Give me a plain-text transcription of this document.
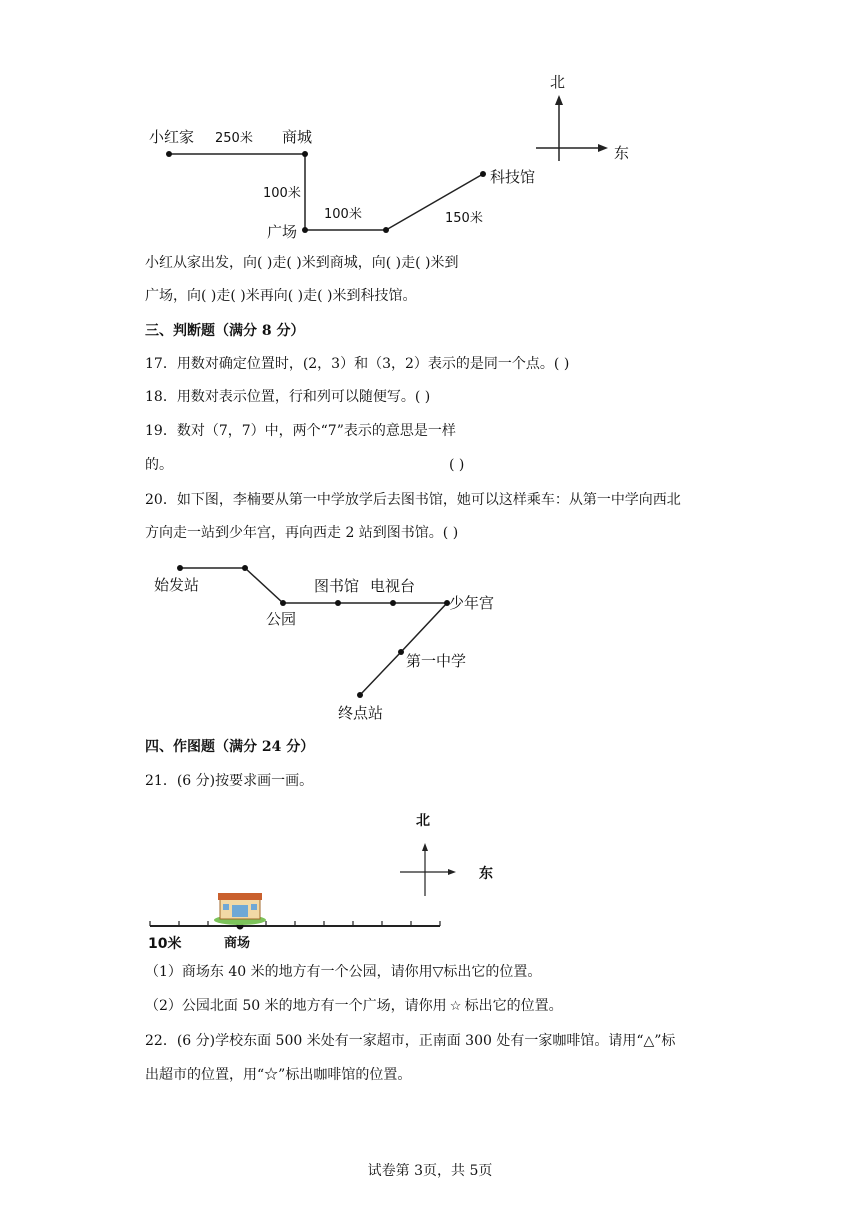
北
东
小红家	商城
广场
科技馆
250米
100米
100米	150米
小红从家出发，向( )走( )米到商城，向( )走( )米到
广场，向( )走( )米再向( )走( )米到科技馆。
三、判断题（满分 8 分）
17．用数对确定位置时，(2，3）和（3，2）表示的是同一个点。( )
18．用数对表示位置，行和列可以随便写。( )
19．数对（7，7）中，两个“7”表示的意思是一样
的。	( )
20．如下图，李楠要从第一中学放学后去图书馆，她可以这样乘车：从第一中学向西北
方向走一站到少年宫，再向西走 2 站到图书馆。( )
始发站
公园
图书馆 电视台
少年宫
第一中学
终点站
四、作图题（满分 24 分）
21．(6 分)按要求画一画。
北
东
10米	商场
（1）商场东 40 米的地方有一个公园，请你用▽标出它的位置。
（2）公园北面 50 米的地方有一个广场，请你用 ☆ 标出它的位置。
22．(6 分)学校东面 500 米处有一家超市，正南面 300 处有一家咖啡馆。请用“△”标
出超市的位置，用“☆”标出咖啡馆的位置。
试卷第 3页，共 5页
